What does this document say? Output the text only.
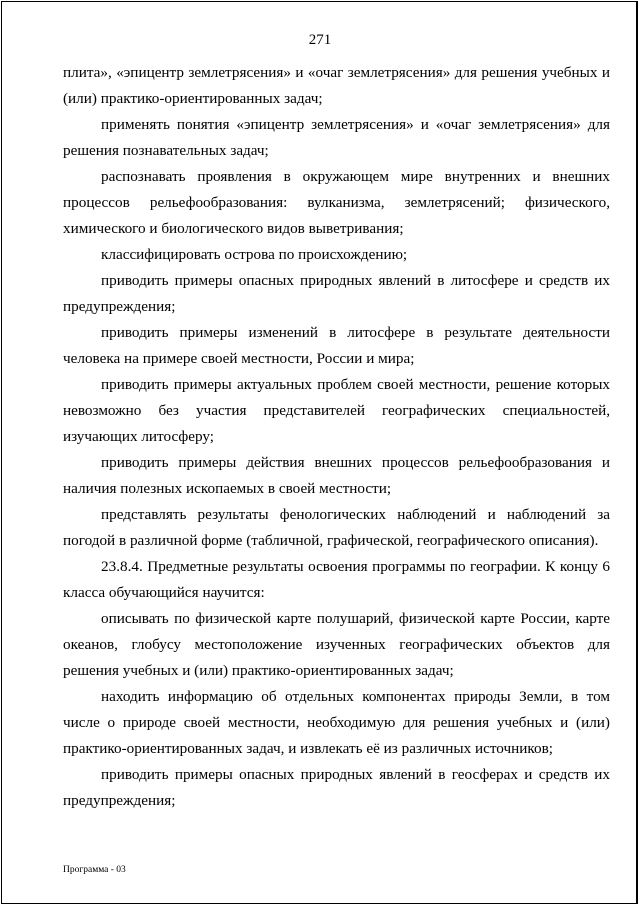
271

плита», «эпицентр землетрясения» и «очаг землетрясения» для решения учебных и (или) практико-ориентированных задач;

применять понятия «эпицентр землетрясения» и «очаг землетрясения» для решения познавательных задач;

распознавать проявления в окружающем мире внутренних и внешних процессов рельефообразования: вулканизма, землетрясений; физического, химического и биологического видов выветривания;

классифицировать острова по происхождению;

приводить примеры опасных природных явлений в литосфере и средств их предупреждения;

приводить примеры изменений в литосфере в результате деятельности человека на примере своей местности, России и мира;

приводить примеры актуальных проблем своей местности, решение которых невозможно без участия представителей географических специальностей, изучающих литосферу;

приводить примеры действия внешних процессов рельефообразования и наличия полезных ископаемых в своей местности;

представлять результаты фенологических наблюдений и наблюдений за погодой в различной форме (табличной, графической, географического описания).

23.8.4. Предметные результаты освоения программы по географии. К концу 6 класса обучающийся научится:

описывать по физической карте полушарий, физической карте России, карте океанов, глобусу местоположение изученных географических объектов для решения учебных и (или) практико-ориентированных задач;

находить информацию об отдельных компонентах природы Земли, в том числе о природе своей местности, необходимую для решения учебных и (или) практико-ориентированных задач, и извлекать её из различных источников;

приводить примеры опасных природных явлений в геосферах и средств их предупреждения;

Программа - 03
